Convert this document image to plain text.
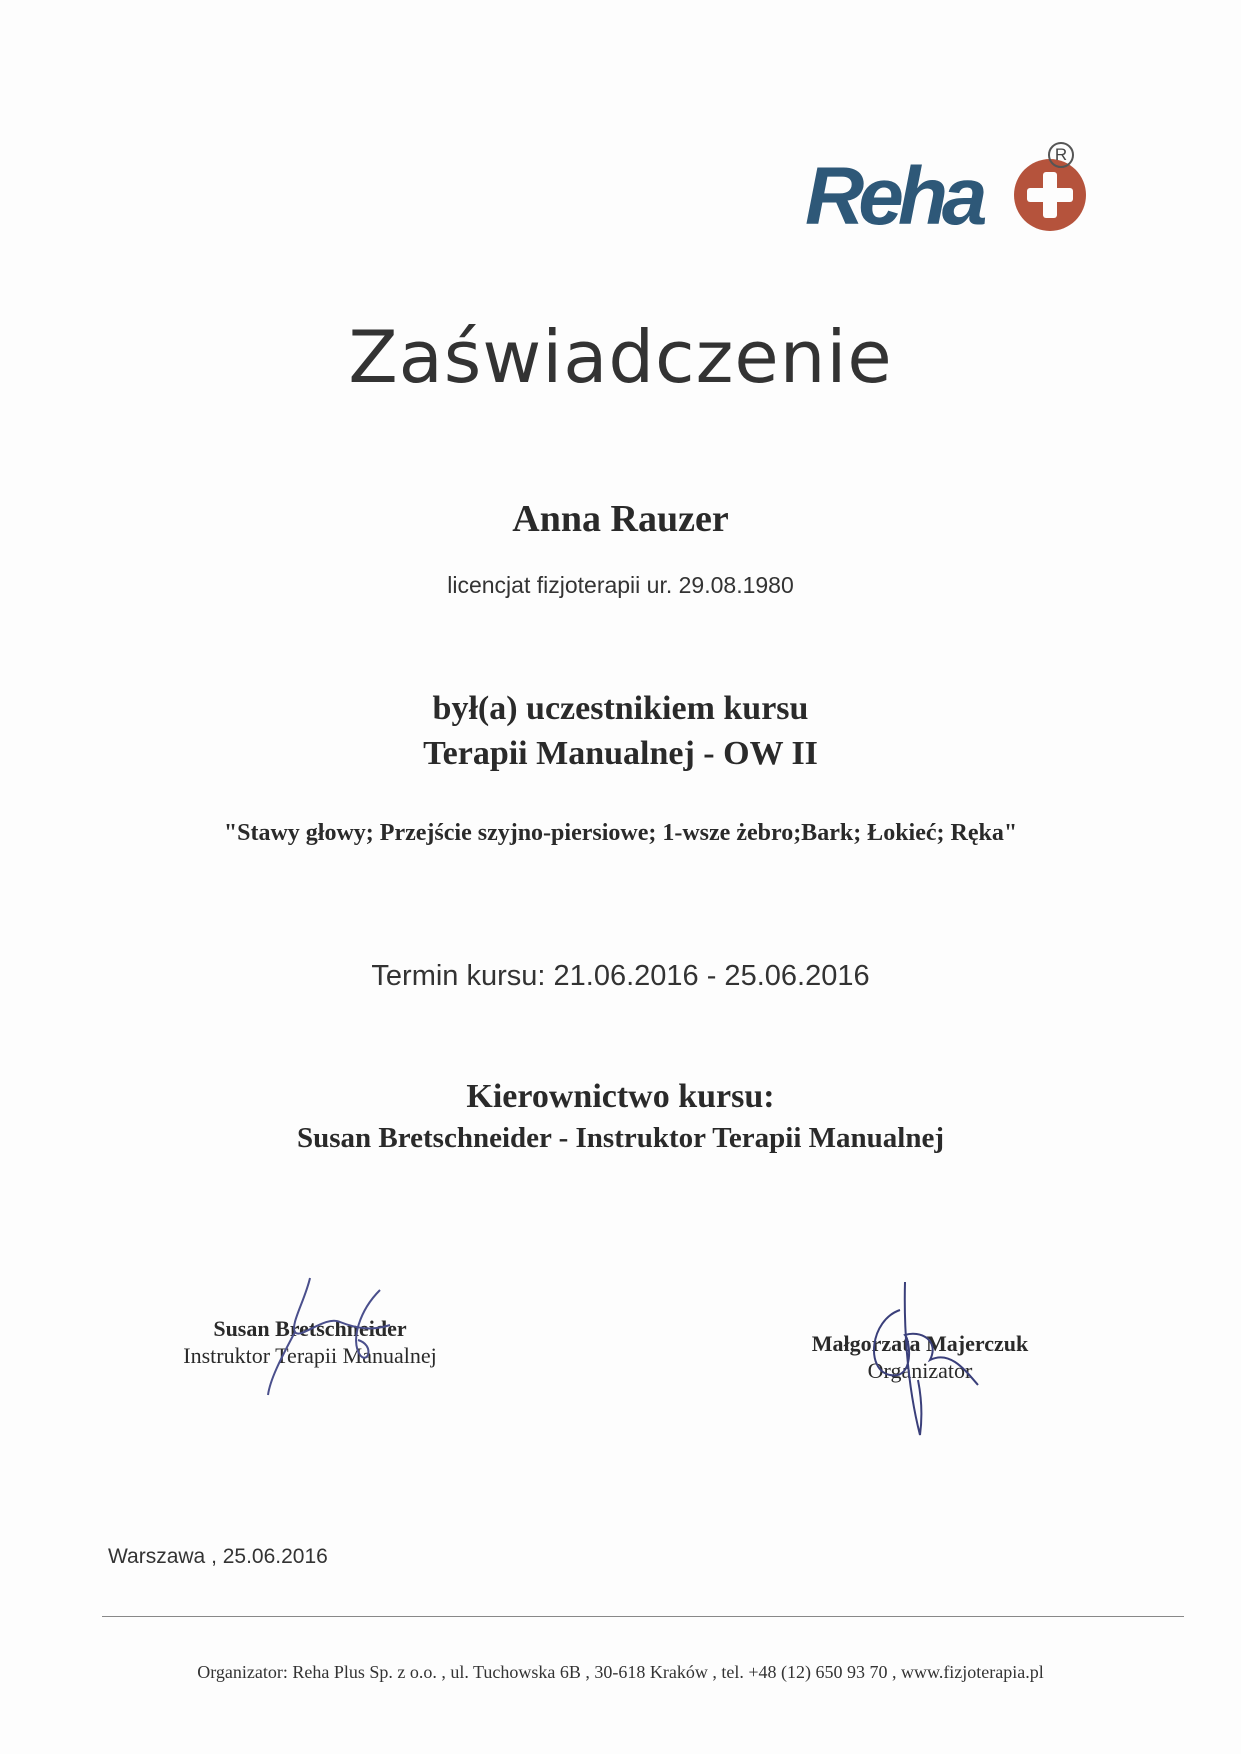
Reha	R
Zaświadczenie
Anna Rauzer
licencjat fizjoterapii ur. 29.08.1980
był(a) uczestnikiem kursu
Terapii Manualnej - OW II
"Stawy głowy; Przejście szyjno-piersiowe; 1-wsze żebro;Bark; Łokieć; Ręka"
Termin kursu: 21.06.2016 - 25.06.2016
Kierownictwo kursu:
Susan Bretschneider - Instruktor Terapii Manualnej
Susan Bretschneider
Instruktor Terapii Manualnej	Małgorzata Majerczuk
Organizator
Warszawa , 25.06.2016
Organizator: Reha Plus Sp. z o.o. , ul. Tuchowska 6B , 30-618 Kraków , tel. +48 (12) 650 93 70 , www.fizjoterapia.pl
